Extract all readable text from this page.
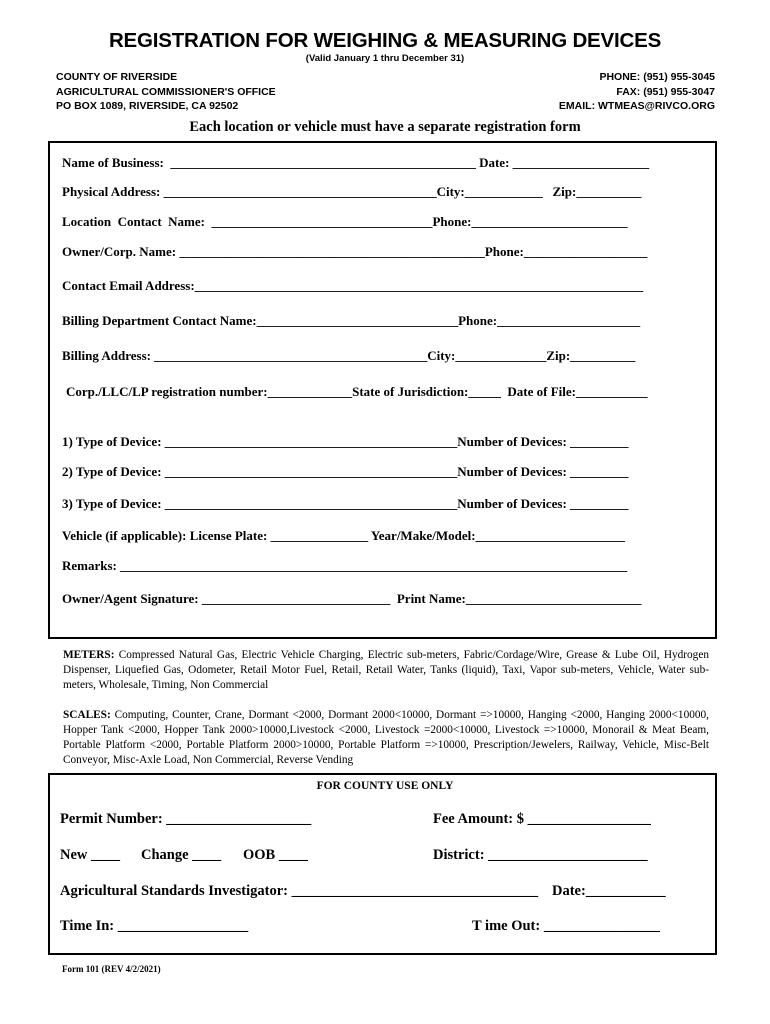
REGISTRATION FOR WEIGHING & MEASURING DEVICES
(Valid January 1 thru December 31)
COUNTY OF RIVERSIDE
AGRICULTURAL COMMISSIONER'S OFFICE
PO BOX 1089, RIVERSIDE, CA 92502
PHONE: (951) 955-3045
FAX: (951) 955-3047
EMAIL: WTMEAS@RIVCO.ORG
Each location or vehicle must have a separate registration form
Name of Business:  _______________________________________________ Date: _____________________
Physical Address: __________________________________________City:____________   Zip:__________
Location  Contact  Name:  __________________________________Phone:________________________
Owner/Corp. Name: _______________________________________________Phone:___________________
Contact Email Address:_____________________________________________________________________
Billing Department Contact Name:_______________________________Phone:______________________
Billing Address: __________________________________________City:______________Zip:__________
Corp./LLC/LP registration number:_____________State of Jurisdiction:_____  Date of File:___________
1) Type of Device: _____________________________________________Number of Devices: _________
2) Type of Device: _____________________________________________Number of Devices: _________
3) Type of Device: _____________________________________________Number of Devices: _________
Vehicle (if applicable): License Plate: _______________ Year/Make/Model:_______________________
Remarks: ______________________________________________________________________________
Owner/Agent Signature: _____________________________  Print Name:___________________________
METERS: Compressed Natural Gas, Electric Vehicle Charging, Electric sub-meters, Fabric/Cordage/Wire, Grease & Lube Oil, Hydrogen Dispenser, Liquefied Gas, Odometer, Retail Motor Fuel, Retail, Retail Water, Tanks (liquid), Taxi, Vapor sub-meters, Vehicle, Water sub-meters, Wholesale, Timing, Non Commercial
SCALES: Computing, Counter, Crane, Dormant <2000, Dormant 2000<10000, Dormant =>10000, Hanging <2000, Hanging 2000<10000, Hopper Tank <2000, Hopper Tank 2000>10000,Livestock <2000, Livestock =2000<10000, Livestock =>10000, Monorail & Meat Beam, Portable Platform <2000, Portable Platform 2000>10000, Portable Platform =>10000, Prescription/Jewelers, Railway, Vehicle, Misc-Belt Conveyor, Misc-Axle Load, Non Commercial, Reverse Vending
FOR COUNTY USE ONLY
Permit Number: ____________________	Fee Amount: $ _________________
New ____ Change ____ OOB ____	District: ______________________
Agricultural Standards Investigator: __________________________________ Date:___________
Time In: __________________	T ime Out: ________________
Form 101 (REV 4/2/2021)
